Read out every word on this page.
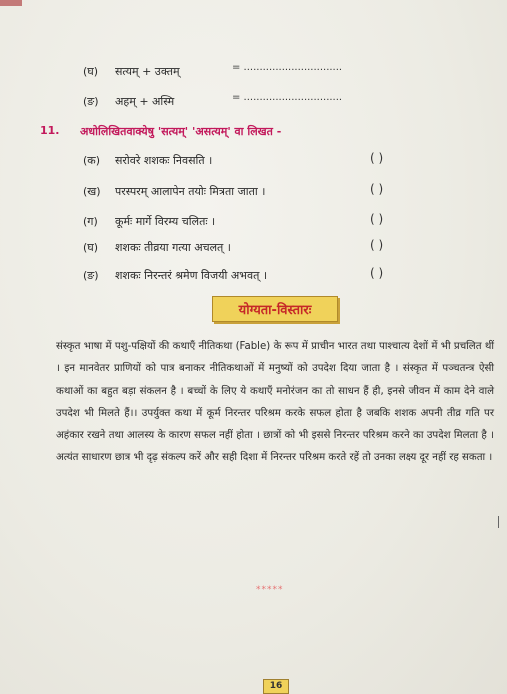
(घ) सत्यम् + उक्तम्	= ...............................
(ङ) अहम् + अस्मि	= ...............................
11. अधोलिखितवाक्येषु 'सत्यम्' 'असत्यम्' वा लिखत -
(क) सरोवरे शशकः निवसति ।	( )
(ख) परस्परम् आलापेन तयोः मित्रता जाता ।	( )
(ग) कूर्मः मार्गे विरम्य चलितः ।	( )
(घ) शशकः तीव्रया गत्या अचलत् ।	( )
(ङ) शशकः निरन्तरं श्रमेण विजयी अभवत् ।	( )
योग्यता-विस्तारः
संस्कृत भाषा में पशु-पक्षियों की कथाएँ नीतिकथा (Fable) के रूप में प्राचीन भारत तथा पाश्चात्य देशों में भी प्रचलित थीं । इन मानवेतर प्राणियों को पात्र बनाकर नीतिकथाओं में मनुष्यों को उपदेश दिया जाता है । संस्कृत में पञ्चतन्त्र ऐसी कथाओं का बहुत बड़ा संकलन है । बच्चों के लिए ये कथाएँ मनोरंजन का तो साधन हैं ही, इनसे जीवन में काम देने वाले उपदेश भी मिलते हैं।। उपर्युक्त कथा में कूर्म निरन्तर परिश्रम करके सफल होता है जबकि शशक अपनी तीव्र गति पर अहंकार रखने तथा आलस्य के कारण सफल नहीं होता । छात्रों को भी इससे निरन्तर परिश्रम करने का उपदेश मिलता है । अत्यंत साधारण छात्र भी दृढ़ संकल्प करें और सही दिशा में निरन्तर परिश्रम करते रहें तो उनका लक्ष्य दूर नहीं रह सकता ।
*****
16
